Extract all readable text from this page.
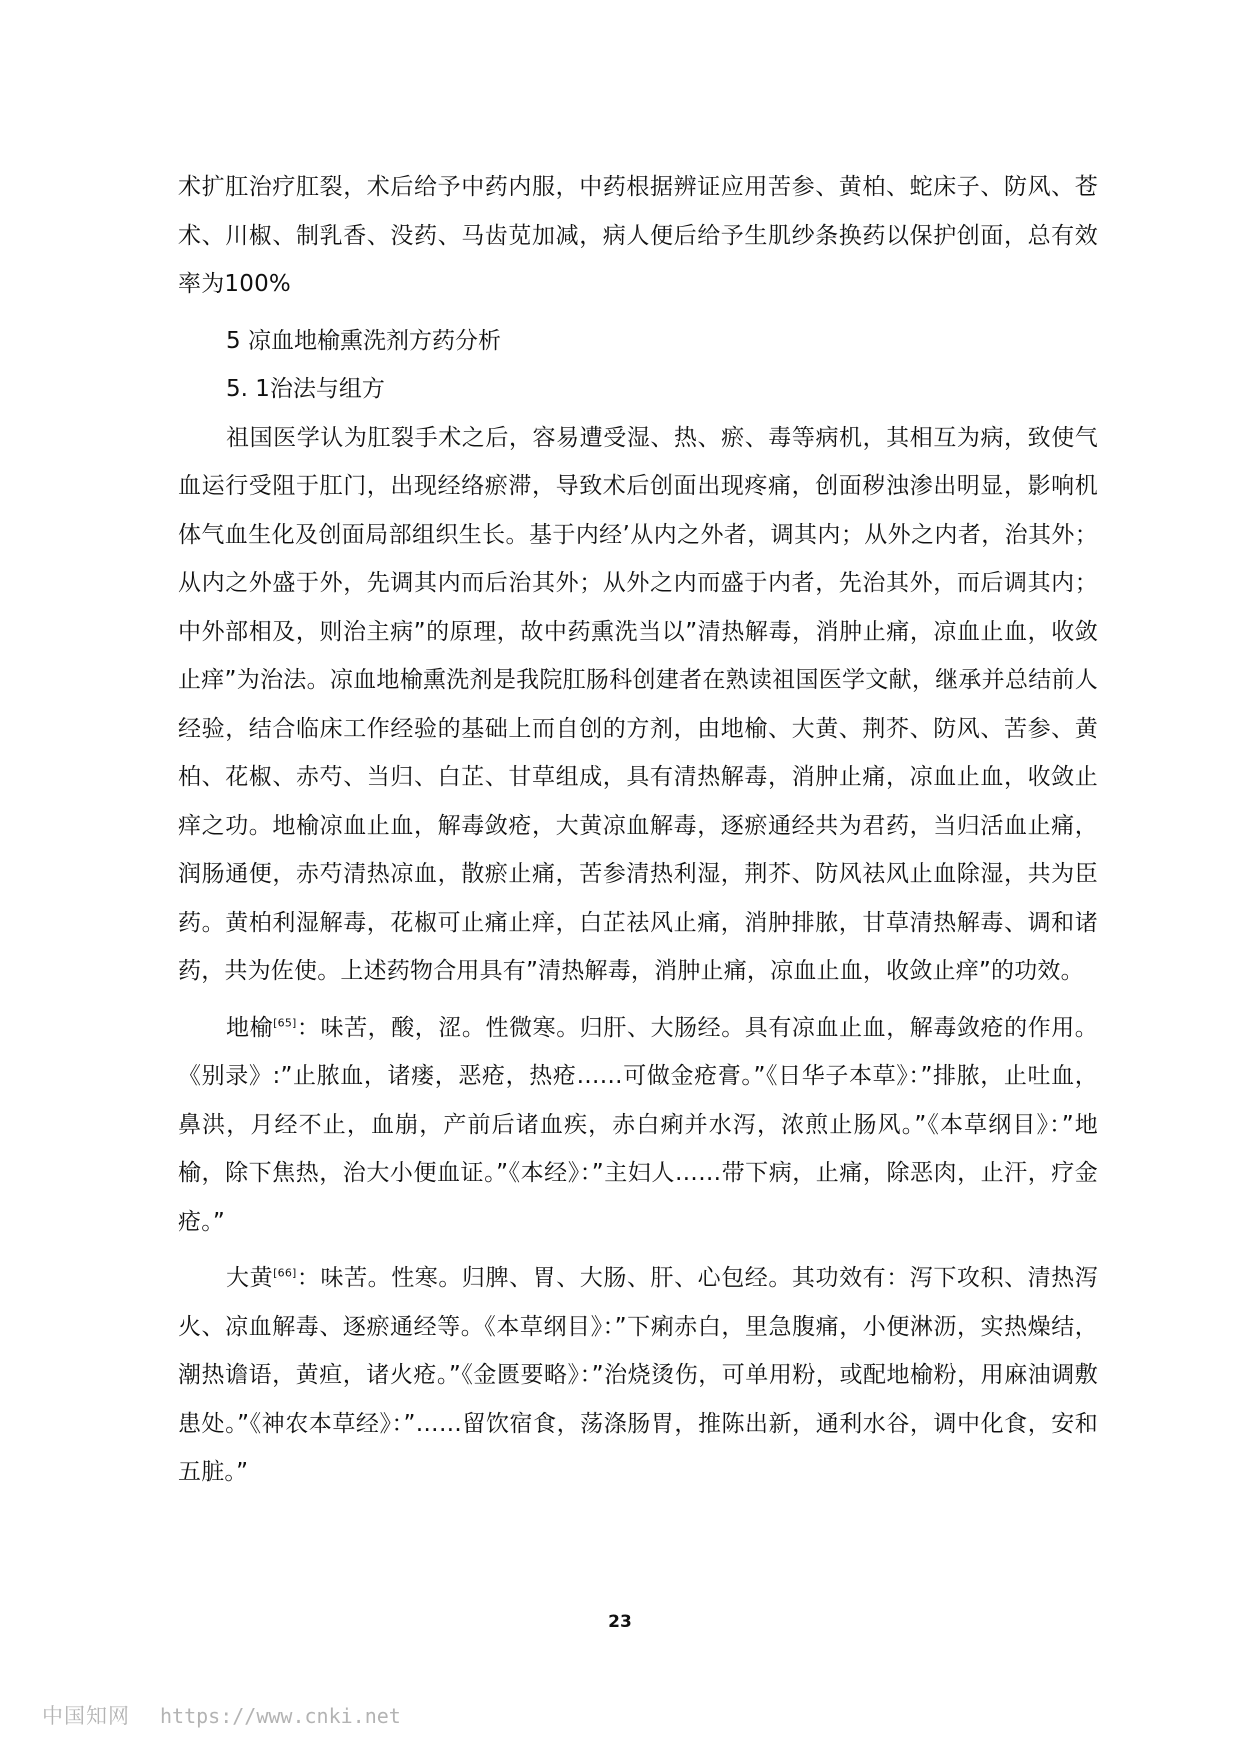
术扩肛治疗肛裂，术后给予中药内服，中药根据辨证应用苦参、黄柏、蛇床子、防风、苍术、川椒、制乳香、没药、马齿苋加减，病人便后给予生肌纱条换药以保护创面，总有效率为100%

5 凉血地榆熏洗剂方药分析

5. 1治法与组方

祖国医学认为肛裂手术之后，容易遭受湿、热、瘀、毒等病机，其相互为病，致使气血运行受阻于肛门，出现经络瘀滞，导致术后创面出现疼痛，创面秽浊渗出明显，影响机体气血生化及创面局部组织生长。基于内经’从内之外者，调其内；从外之内者，治其外；从内之外盛于外，先调其内而后治其外；从外之内而盛于内者，先治其外，而后调其内；中外部相及，则治主病”的原理，故中药熏洗当以”清热解毒，消肿止痛，凉血止血，收敛止痒”为治法。凉血地榆熏洗剂是我院肛肠科创建者在熟读祖国医学文献，继承并总结前人经验，结合临床工作经验的基础上而自创的方剂，由地榆、大黄、荆芥、防风、苦参、黄柏、花椒、赤芍、当归、白芷、甘草组成，具有清热解毒，消肿止痛，凉血止血，收敛止痒之功。地榆凉血止血，解毒敛疮，大黄凉血解毒，逐瘀通经共为君药，当归活血止痛，润肠通便，赤芍清热凉血，散瘀止痛，苦参清热利湿，荆芥、防风祛风止血除湿，共为臣药。黄柏利湿解毒，花椒可止痛止痒，白芷祛风止痛，消肿排脓，甘草清热解毒、调和诸药，共为佐使。上述药物合用具有”清热解毒，消肿止痛，凉血止血，收敛止痒”的功效。

地榆[65]：味苦，酸，涩。性微寒。归肝、大肠经。具有凉血止血，解毒敛疮的作用。《别录》:”止脓血，诸瘘，恶疮，热疮……可做金疮膏。”《日华子本草》：”排脓，止吐血，鼻洪，月经不止，血崩，产前后诸血疾，赤白痢并水泻，浓煎止肠风。”《本草纲目》：”地榆，除下焦热，治大小便血证。”《本经》：”主妇人……带下病，止痛，除恶肉，止汗，疗金疮。”

大黄[66]：味苦。性寒。归脾、胃、大肠、肝、心包经。其功效有：泻下攻积、清热泻火、凉血解毒、逐瘀通经等。《本草纲目》：”下痢赤白，里急腹痛，小便淋沥，实热燥结，潮热谵语，黄疸，诸火疮。”《金匮要略》：”治烧烫伤，可单用粉，或配地榆粉，用麻油调敷患处。”《神农本草经》：”……留饮宿食，荡涤肠胃，推陈出新，通利水谷，调中化食，安和五脏。”

23
中国知网 https://www.cnki.net
